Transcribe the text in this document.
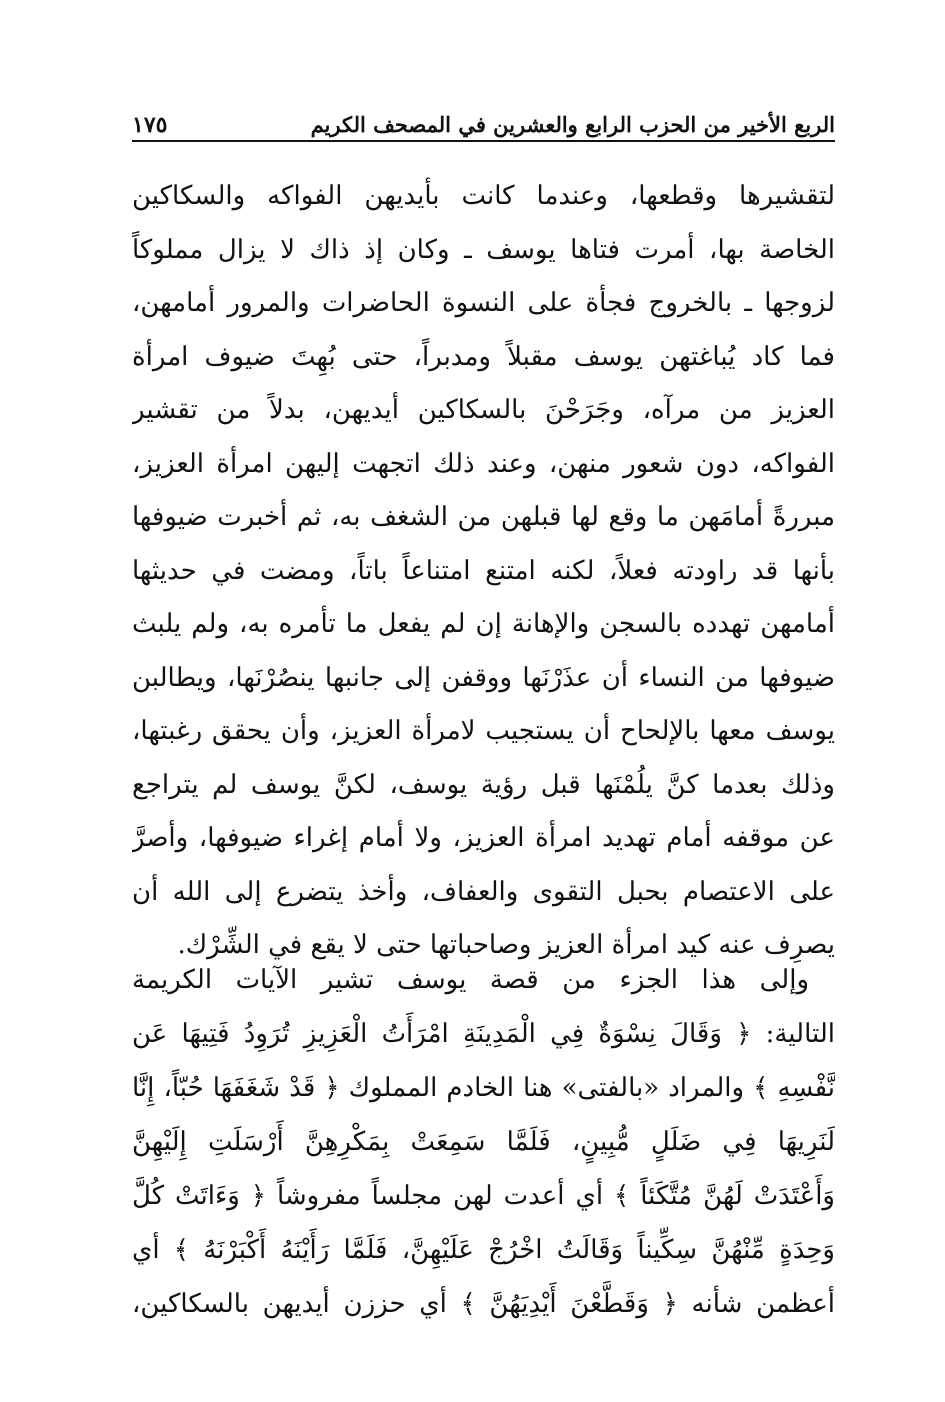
الربع الأخير من الحزب الرابع والعشرين في المصحف الكريم
١٧٥
لتقشيرها وقطعها، وعندما كانت بأيديهن الفواكه والسكاكين
الخاصة بها، أمرت فتاها يوسف ـ وكان إذ ذاك لا يزال مملوكاً
لزوجها ـ بالخروج فجأة على النسوة الحاضرات والمرور أمامهن،
فما كاد يُباغتهن يوسف مقبلاً ومدبراً، حتى بُهِتَ ضيوف امرأة
العزيز من مرآه، وجَرَحْنَ بالسكاكين أيديهن، بدلاً من تقشير
الفواكه، دون شعور منهن، وعند ذلك اتجهت إليهن امرأة العزيز،
مبررةً أمامَهن ما وقع لها قبلهن من الشغف به، ثم أخبرت ضيوفها
بأنها قد راودته فعلاً، لكنه امتنع امتناعاً باتاً، ومضت في حديثها
أمامهن تهدده بالسجن والإهانة إن لم يفعل ما تأمره به، ولم يلبث
ضيوفها من النساء أن عذَرْنَها ووقفن إلى جانبها ينصُرْنَها، ويطالبن
يوسف معها بالإلحاح أن يستجيب لامرأة العزيز، وأن يحقق رغبتها،
وذلك بعدما كنَّ يلُمْنَها قبل رؤية يوسف، لكنَّ يوسف لم يتراجع
عن موقفه أمام تهديد امرأة العزيز، ولا أمام إغراء ضيوفها، وأصرَّ
على الاعتصام بحبل التقوى والعفاف، وأخذ يتضرع إلى الله أن
يصرِف عنه كيد امرأة العزيز وصاحباتها حتى لا يقع في الشِّرْك.
وإلى هذا الجزء من قصة يوسف تشير الآيات الكريمة
التالية: ﴿ وَقَالَ نِسْوَةٌ فِي الْمَدِينَةِ امْرَأَتُ الْعَزِيزِ تُرَوِدُ فَتِيهَا عَن
نَّفْسِهِ ﴾ والمراد «بالفتى» هنا الخادم المملوك ﴿ قَدْ شَغَفَهَا حُبّاً، إِنَّا
لَنَرِيهَا فِي ضَلَلٍ مُّبِينٍ، فَلَمَّا سَمِعَتْ بِمَكْرِهِنَّ أَرْسَلَتِ إِلَيْهِنَّ
وَأَعْتَدَتْ لَهُنَّ مُتَّكَئاً ﴾ أي أعدت لهن مجلساً مفروشاً ﴿ وَءَاتَتْ كُلَّ
وَحِدَةٍ مِّنْهُنَّ سِكِّيناً وَقَالَتُ اخْرُجْ عَلَيْهِنَّ، فَلَمَّا رَأَيْنَهُ أَكْبَرْنَهُ ﴾ أي
أعظمن شأنه ﴿ وَقَطَّعْنَ أَيْدِيَهُنَّ ﴾ أي حززن أيديهن بالسكاكين،
